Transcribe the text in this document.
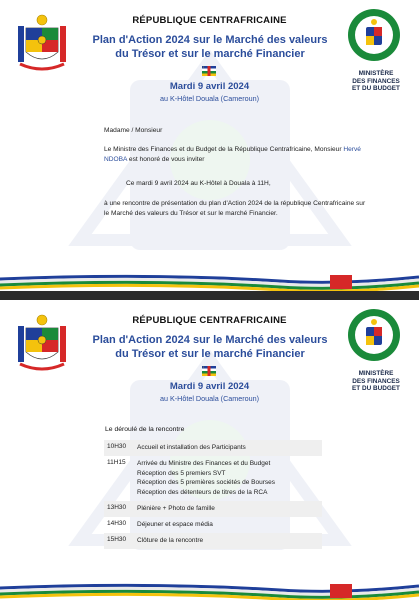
MINISTÈRE
DES FINANCES
ET DU BUDGET
RÉPUBLIQUE CENTRAFRICAINE
Plan d'Action 2024 sur le Marché des valeurs
du Trésor et sur le marché Financier
Mardi 9 avril 2024
au K-Hôtel Douala (Cameroun)
Madame / Monsieur
Le Ministre des Finances et du Budget de la République Centrafricaine, Monsieur Hervé NDOBA est honoré de vous inviter
Ce mardi 9 avril 2024 au K-Hôtel à Douala à 11H,
à une rencontre de présentation du plan d'Action 2024 de la république Centrafricaine sur le Marché des valeurs du Trésor et sur le marché Financier.
MINISTÈRE
DES FINANCES
ET DU BUDGET
RÉPUBLIQUE CENTRAFRICAINE
Plan d'Action 2024 sur le Marché des valeurs
du Trésor et sur le marché Financier
Mardi 9 avril 2024
au K-Hôtel Douala (Cameroun)
Le déroulé de la rencontre
10H30	Accueil et installation des Participants
11H15	Arrivée du Ministre des Finances et du Budget
Réception des 5 premiers SVT
Réception des 5 premières sociétés de Bourses
Réception des détenteurs de titres de la RCA
13H30	Plénière + Photo de famille
14H30	Déjeuner et espace média
15H30	Clôture de la rencontre
